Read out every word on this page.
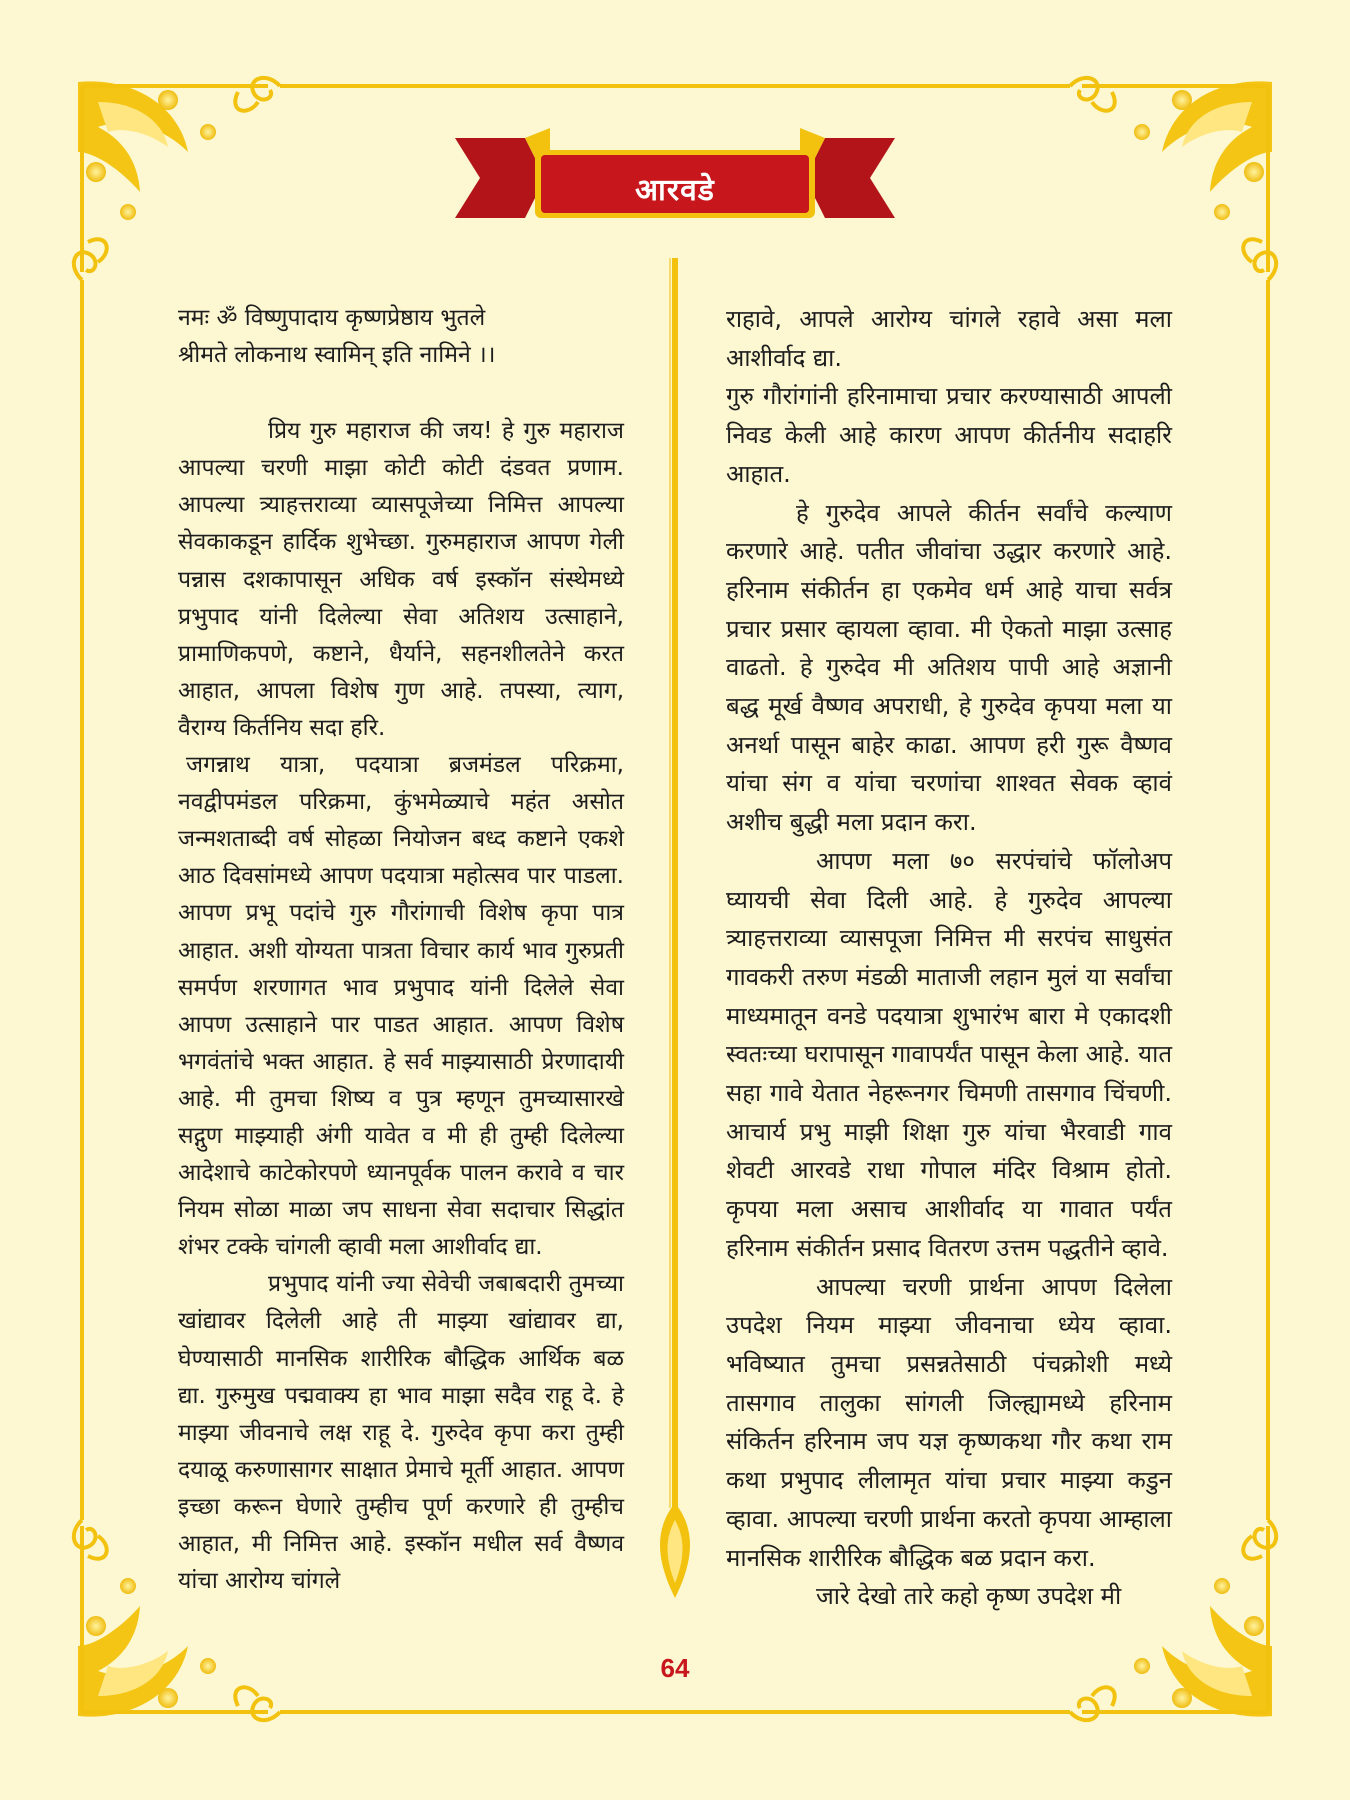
आरवडे

नमः ॐ विष्णुपादाय कृष्णप्रेष्ठाय भुतले

श्रीमते लोकनाथ स्वामिन् इति नामिने ।।

प्रिय गुरु महाराज की जय! हे गुरु महाराज आपल्या चरणी माझा कोटी कोटी दंडवत प्रणाम. आपल्या त्र्याहत्तराव्या व्यासपूजेच्या निमित्त आपल्या सेवकाकडून हार्दिक शुभेच्छा. गुरुमहाराज आपण गेली पन्नास दशकापासून अधिक वर्ष इस्कॉन संस्थेमध्ये प्रभुपाद यांनी दिलेल्या सेवा अतिशय उत्साहाने, प्रामाणिकपणे, कष्टाने, धैर्याने, सहनशीलतेने करत आहात, आपला विशेष गुण आहे. तपस्या, त्याग, वैराग्य किर्तनिय सदा हरि.

जगन्नाथ यात्रा, पदयात्रा ब्रजमंडल परिक्रमा, नवद्वीपमंडल परिक्रमा, कुंभमेळ्याचे महंत असोत जन्मशताब्दी वर्ष सोहळा नियोजन बध्द कष्टाने एकशे आठ दिवसांमध्ये आपण पदयात्रा महोत्सव पार पाडला. आपण प्रभू पदांचे गुरु गौरांगाची विशेष कृपा पात्र आहात. अशी योग्यता पात्रता विचार कार्य भाव गुरुप्रती समर्पण शरणागत भाव प्रभुपाद यांनी दिलेले सेवा आपण उत्साहाने पार पाडत आहात. आपण विशेष भगवंतांचे भक्त आहात. हे सर्व माझ्यासाठी प्रेरणादायी आहे. मी तुमचा शिष्य व पुत्र म्हणून तुमच्यासारखे सद्गुण माझ्याही अंगी यावेत व मी ही तुम्ही दिलेल्या आदेशाचे काटेकोरपणे ध्यानपूर्वक पालन करावे व चार नियम सोळा माळा जप साधना सेवा सदाचार सिद्धांत शंभर टक्के चांगली व्हावी मला आशीर्वाद द्या.

प्रभुपाद यांनी ज्या सेवेची जबाबदारी तुमच्या खांद्यावर दिलेली आहे ती माझ्या खांद्यावर द्या, घेण्यासाठी मानसिक शारीरिक बौद्धिक आर्थिक बळ द्या. गुरुमुख पद्मवाक्य हा भाव माझा सदैव राहू दे. हे माझ्या जीवनाचे लक्ष राहू दे. गुरुदेव कृपा करा तुम्ही दयाळू करुणासागर साक्षात प्रेमाचे मूर्ती आहात. आपण इच्छा करून घेणारे तुम्हीच पूर्ण करणारे ही तुम्हीच आहात, मी निमित्त आहे. इस्कॉन मधील सर्व वैष्णव यांचा आरोग्य चांगले

राहावे, आपले आरोग्य चांगले रहावे असा मला आशीर्वाद द्या.

गुरु गौरांगांनी हरिनामाचा प्रचार करण्यासाठी आपली निवड केली आहे कारण आपण कीर्तनीय सदाहरि आहात.

हे गुरुदेव आपले कीर्तन सर्वांचे कल्याण करणारे आहे. पतीत जीवांचा उद्धार करणारे आहे. हरिनाम संकीर्तन हा एकमेव धर्म आहे याचा सर्वत्र प्रचार प्रसार व्हायला व्हावा. मी ऐकतो माझा उत्साह वाढतो. हे गुरुदेव मी अतिशय पापी आहे अज्ञानी बद्ध मूर्ख वैष्णव अपराधी, हे गुरुदेव कृपया मला या अनर्था पासून बाहेर काढा. आपण हरी गुरू वैष्णव यांचा संग व यांचा चरणांचा शाश्वत सेवक व्हावं अशीच बुद्धी मला प्रदान करा.

आपण मला ७० सरपंचांचे फॉलोअप घ्यायची सेवा दिली आहे. हे गुरुदेव आपल्या त्र्याहत्तराव्या व्यासपूजा निमित्त मी सरपंच साधुसंत गावकरी तरुण मंडळी माताजी लहान मुलं या सर्वांचा माध्यमातून वनडे पदयात्रा शुभारंभ बारा मे एकादशी स्वतःच्या घरापासून गावापर्यंत पासून केला आहे. यात सहा गावे येतात नेहरूनगर चिमणी तासगाव चिंचणी. आचार्य प्रभु माझी शिक्षा गुरु यांचा भैरवाडी गाव शेवटी आरवडे राधा गोपाल मंदिर विश्राम होतो. कृपया मला असाच आशीर्वाद या गावात पर्यंत हरिनाम संकीर्तन प्रसाद वितरण उत्तम पद्धतीने व्हावे.

आपल्या चरणी प्रार्थना आपण दिलेला उपदेश नियम माझ्या जीवनाचा ध्येय व्हावा. भविष्यात तुमचा प्रसन्नतेसाठी पंचक्रोशी मध्ये तासगाव तालुका सांगली जिल्ह्यामध्ये हरिनाम संकिर्तन हरिनाम जप यज्ञ कृष्णकथा गौर कथा राम कथा प्रभुपाद लीलामृत यांचा प्रचार माझ्या कडुन व्हावा. आपल्या चरणी प्रार्थना करतो कृपया आम्हाला मानसिक शारीरिक बौद्धिक बळ प्रदान करा.

जारे देखो तारे कहो कृष्ण उपदेश मी

64
